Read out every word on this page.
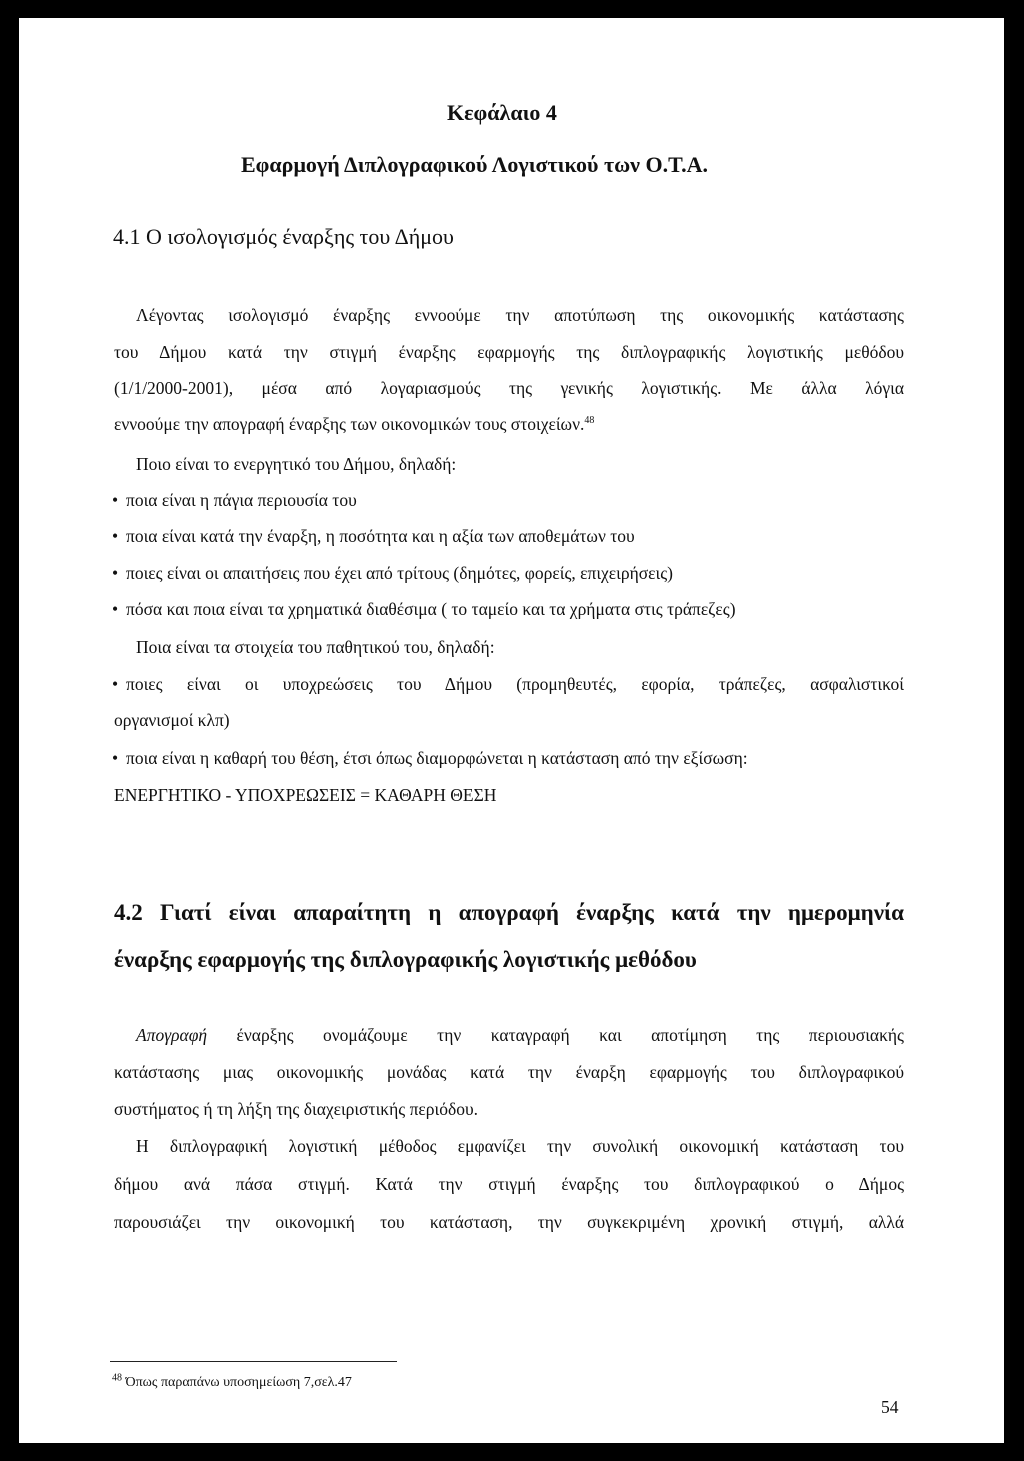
Κεφάλαιο 4
Εφαρμογή Διπλογραφικού Λογιστικού των Ο.Τ.Α.
4.1 Ο ισολογισμός έναρξης του Δήμου
Λέγοντας ισολογισμό έναρξης εννοούμε την αποτύπωση της οικονομικής κατάστασης
του Δήμου κατά την στιγμή έναρξης εφαρμογής της διπλογραφικής λογιστικής μεθόδου
(1/1/2000-2001), μέσα από λογαριασμούς της γενικής λογιστικής. Με άλλα λόγια
εννοούμε την απογραφή έναρξης των οικονομικών τους στοιχείων.$^{48}$
Ποιο είναι το ενεργητικό του Δήμου, δηλαδή:
• ποια είναι η πάγια περιουσία του
• ποια είναι κατά την έναρξη, η ποσότητα και η αξία των αποθεμάτων του
• ποιες είναι οι απαιτήσεις που έχει από τρίτους (δημότες, φορείς, επιχειρήσεις)
• πόσα και ποια είναι τα χρηματικά διαθέσιμα ( το ταμείο και τα χρήματα στις τράπεζες)
Ποια είναι τα στοιχεία του παθητικού του, δηλαδή:
• ποιες είναι οι υποχρεώσεις του Δήμου (προμηθευτές, εφορία, τράπεζες, ασφαλιστικοί
οργανισμοί κλπ)
• ποια είναι η καθαρή του θέση, έτσι όπως διαμορφώνεται η κατάσταση από την εξίσωση:
ΕΝΕΡΓΗΤΙΚΟ - ΥΠΟΧΡΕΩΣΕΙΣ = ΚΑΘΑΡΗ ΘΕΣΗ
4.2 Γιατί είναι απαραίτητη η απογραφή έναρξης κατά την ημερομηνία
έναρξης εφαρμογής της διπλογραφικής λογιστικής μεθόδου
Απογραφή έναρξης ονομάζουμε την καταγραφή και αποτίμηση της περιουσιακής
κατάστασης μιας οικονομικής μονάδας κατά την έναρξη εφαρμογής του διπλογραφικού
συστήματος ή τη λήξη της διαχειριστικής περιόδου.
Η διπλογραφική λογιστική μέθοδος εμφανίζει την συνολική οικονομική κατάσταση του
δήμου ανά πάσα στιγμή. Κατά την στιγμή έναρξης του διπλογραφικού ο Δήμος
παρουσιάζει την οικονομική του κατάσταση, την συγκεκριμένη χρονική στιγμή, αλλά
$^{48}$ Όπως παραπάνω υποσημείωση 7,σελ.47
54
